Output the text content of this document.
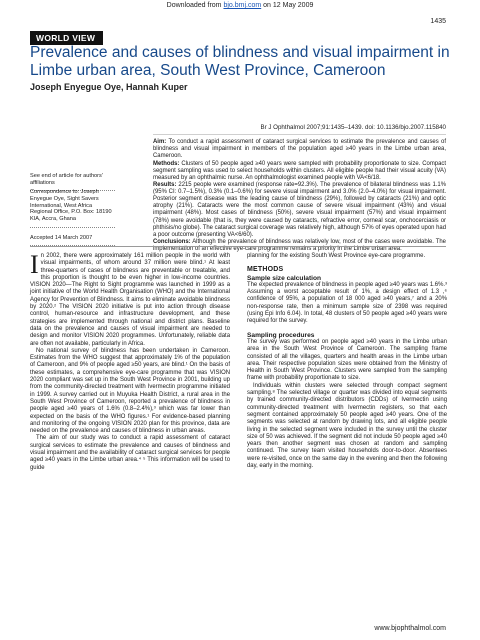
Downloaded from bjo.bmj.com on 12 May 2009
1435
WORLD VIEW
Prevalence and causes of blindness and visual impairment in Limbe urban area, South West Province, Cameroon
Joseph Enyegue Oye, Hannah Kuper
Br J Ophthalmol 2007;91:1435–1439. doi: 10.1136/bjo.2007.115840
See end of article for authors' affiliations
Correspondence to: Joseph Enyegue Oye, Sight Savers International, West Africa Regional Office, P.O. Box: 18190 KIA, Accra, Ghana
Accepted 14 March 2007

Aim: To conduct a rapid assessment of cataract surgical services to estimate the prevalence and causes of blindness and visual impairment in members of the population aged ≥40 years in the Limbe urban area, Cameroon.

Methods: Clusters of 50 people aged ≥40 years were sampled with probability proportionate to size. Compact segment sampling was used to select households within clusters. All eligible people had their visual acuity (VA) measured by an ophthalmic nurse. An ophthalmologist examined people with VA<6/18.

Results: 2215 people were examined (response rate=92.3%). The prevalence of bilateral blindness was 1.1% (95% CI: 0.7–1.5%), 0.3% (0.1–0.6%) for severe visual impairment and 3.0% (2.0–4.0%) for visual impairment. Posterior segment disease was the leading cause of blindness (29%), followed by cataracts (21%) and optic atrophy (21%). Cataracts were the most common cause of severe visual impairment (43%) and visual impairment (48%). Most cases of blindness (50%), severe visual impairment (57%) and visual impairment (78%) were avoidable (that is, they were caused by cataracts, refractive error, corneal scar, onchocerciasis or phthisis/no globe). The cataract surgical coverage was relatively high, although 57% of eyes operated upon had a poor outcome (presenting VA<6/60).

Conclusions: Although the prevalence of blindness was relatively low, most of the cases were avoidable. The implementation of an effective eye-care programme remains a priority in the Limbe urban area.

In 2002, there were approximately 161 million people in the world with visual impairments, of whom around 37 million were blind.¹ At least three-quarters of cases of blindness are preventable or treatable, and this proportion is thought to be even higher in low-income countries. VISION 2020—The Right to Sight programme was launched in 1999 as a joint initiative of the World Health Organisation (WHO) and the International Agency for Prevention of Blindness. It aims to eliminate avoidable blindness by 2020.² The VISION 2020 initiative is put into action through disease control, human-resource and infrastructure development, and these strategies are implemented through national and district plans. Baseline data on the prevalence and causes of visual impairment are needed to design and monitor VISION 2020 programmes. Unfortunately, reliable data are often not available, particularly in Africa.

No national survey of blindness has been undertaken in Cameroon. Estimates from the WHO suggest that approximately 1% of the population of Cameroon, and 9% of people aged ≥50 years, are blind.¹ On the basis of these estimates, a comprehensive eye-care programme that was VISION 2020 compliant was set up in the South West Province in 2001, building up from the community-directed treatment with Ivermectin programme initiated in 1999. A survey carried out in Muyuka Health District, a rural area in the South West Province of Cameroon, reported a prevalence of blindness in people aged ≥40 years of 1.6% (0.8–2.4%),³ which was far lower than expected on the basis of the WHO figures.¹ For evidence-based planning and monitoring of the ongoing VISION 2020 plan for this province, data are needed on the prevalence and causes of blindness in urban areas.

The aim of our study was to conduct a rapid assessment of cataract surgical services to estimate the prevalence and causes of blindness and visual impairment and the availability of cataract surgical services for people aged ≥40 years in the Limbe urban area.⁴ ⁵ This information will be used to guide

planning for the existing South West Province eye-care programme.

METHODS
Sample size calculation

The expected prevalence of blindness in people aged ≥40 years was 1.6%.³ Assuming a worst acceptable result of 1%, a design effect of 1.3 ,⁶ confidence of 95%, a population of 18 000 aged ≥40 years,⁷ and a 20% non-response rate, then a minimum sample size of 2398 was required (using Epi Info 6.04). In total, 48 clusters of 50 people aged ≥40 years were required for the survey.

Sampling procedures

The survey was performed on people aged ≥40 years in the Limbe urban area in the South West Province of Cameroon. The sampling frame consisted of all the villages, quarters and health areas in the Limbe urban area. Their respective population sizes were obtained from the Ministry of Health in South West Province. Clusters were sampled from the sampling frame with probability proportionate to size.

Individuals within clusters were selected through compact segment sampling.⁸ The selected village or quarter was divided into equal segments by trained community-directed distributors (CDDs) of Ivermectin using community-directed treatment with Ivermectin registers, so that each segment contained approximately 50 people aged ≥40 years. One of the segments was selected at random by drawing lots, and all eligible people living in the selected segment were included in the survey until the cluster size of 50 was achieved. If the segment did not include 50 people aged ≥40 years then another segment was chosen at random and sampling continued. The survey team visited households door-to-door. Absentees were re-visited, once on the same day in the evening and then the following day, early in the morning.

www.bjophthalmol.com
